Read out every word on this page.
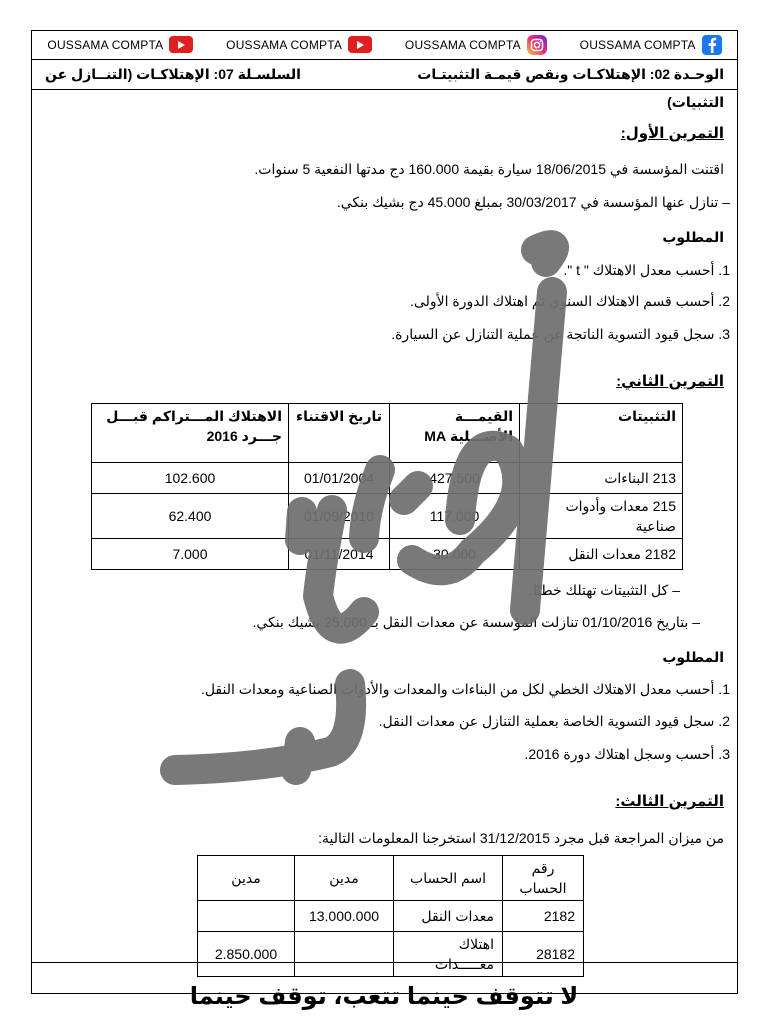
OUSSAMA COMPTA	OUSSAMA COMPTA	OUSSAMA COMPTA	OUSSAMA COMPTA
الوحـدة 02: الإهتلاكـات ونقص قيمـة التثبيتـات
السلسـلة 07: الإهتلاكـات (التنــازل عن
التثبيات)
التمرين الأول:
اقتنت المؤسسة في 18/06/2015 سيارة بقيمة 160.000 دج مدتها النفعية 5 سنوات.
– تنازل عنها المؤسسة في 30/03/2017 بمبلغ 45.000 دج بشيك بنكي.
المطلوب
1. أحسب معدل الاهتلاك " t ".
2. أحسب قسم الاهتلاك السنوي ثم اهتلاك الدورة الأولى.
3. سجل قيود التسوية الناتجة عن عملية التنازل عن السيارة.
التمرين الثاني:
التثبيتات	القيمـــة الأصـــلية MA	تاريخ الاقتناء	الاهتلاك المـــتراكم قبـــل جـــرد 2016
213 البناءات	427.500	01/01/2004	102.600
215 معدات وأدوات صناعية	117.000	01/09/2010	62.400
2182 معدات النقل	30.000	01/11/2014	7.000
– كل التثبيتات تهتلك خطيًا.
– بتاريخ 01/10/2016 تنازلت المؤسسة عن معدات النقل بـ 25.000 بشيك بنكي.
المطلوب
1. أحسب معدل الاهتلاك الخطي لكل من البناءات والمعدات والأدوات الصناعية ومعدات النقل.
2. سجل قيود التسوية الخاصة بعملية التنازل عن معدات النقل.
3. أحسب وسجل اهتلاك دورة 2016.
التمرين الثالث:
من ميزان المراجعة قبل مجرد 31/12/2015 استخرجنا المعلومات التالية:
رقم الحساب	اسم الحساب	مدين	مدين
2182	معدات النقل	13.000.000	
28182	اهتلاك معـــــدات		2.850.000
لا تتوقف حينما تتعب، توقف حينما
